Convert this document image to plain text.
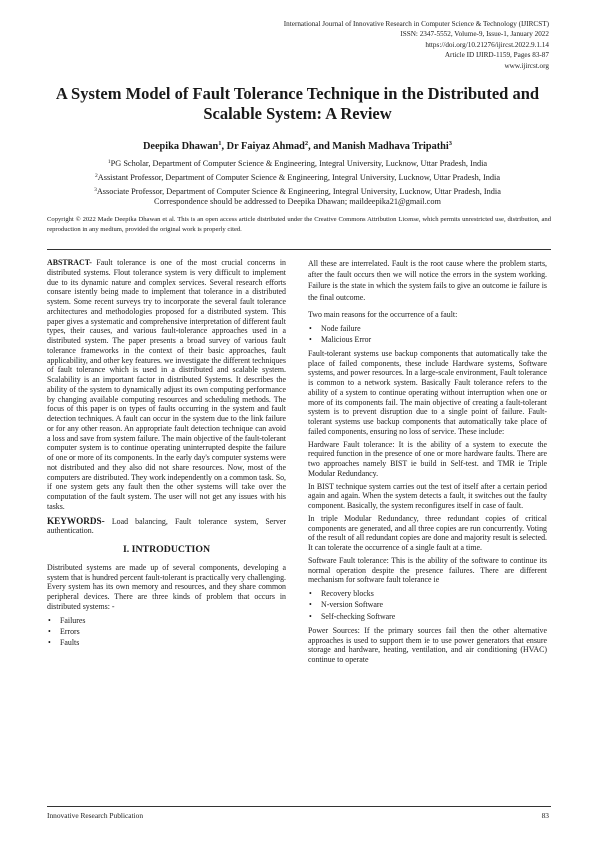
International Journal of Innovative Research in Computer Science & Technology (IJIRCST)
ISSN: 2347-5552, Volume-9, Issue-1, January 2022
https://doi.org/10.21276/ijircst.2022.9.1.14
Article ID IJIRD-1159, Pages 83-87
www.ijircst.org
A System Model of Fault Tolerance Technique in the Distributed and Scalable System: A Review
Deepika Dhawan$^1$, Dr Faiyaz Ahmad$^2$, and Manish Madhava Tripathi$^3$
$^1$PG Scholar, Department of Computer Science & Engineering, Integral University, Lucknow, Uttar Pradesh, India
$^2$Assistant Professor, Department of Computer Science & Engineering, Integral University, Lucknow, Uttar Pradesh, India
$^3$Associate Professor, Department of Computer Science & Engineering, Integral University, Lucknow, Uttar Pradesh, India
Correspondence should be addressed to Deepika Dhawan; maildeepika21@gmail.com
Copyright © 2022 Made Deepika Dhawan et al. This is an open access article distributed under the Creative Commons Attribution License, which permits unrestricted use, distribution, and reproduction in any medium, provided the original work is properly cited.

ABSTRACT- Fault tolerance is one of the most crucial concerns in distributed systems. Flout tolerance system is very difficult to implement due to its dynamic nature and complex services. Several research efforts consare istently being made to implement that tolerance in a distributed system. Some recent surveys try to incorporate the several fault tolerance architectures and methodologies proposed for a distributed system. This paper gives a systematic and comprehensive interpretation of different fault types, their causes, and various fault-tolerance approaches used in a distributed system. The paper presents a broad survey of various fault tolerance frameworks in the context of their basic approaches, fault applicability, and other key features. we investigate the different techniques of fault tolerance which is used in a distributed and scalable system. Scalability is an important factor in distributed Systems. It describes the ability of the system to dynamically adjust its own computing performance by changing available computing resources and scheduling methods. The focus of this paper is on types of faults occurring in the system and fault detection techniques. A fault can occur in the system due to the link failure or for any other reason. An appropriate fault detection technique can avoid a loss and save from system failure. The main objective of the fault-tolerant computer system is to continue operating uninterrupted despite the failure of one or more of its components. In the early day's computer systems were not distributed and they also did not share resources. Now, most of the computers are distributed. They work independently on a common task. So, if one system gets any fault then the other systems will take over the computation of the fault system. The user will not get any issues with his tasks.

KEYWORDS- Load balancing, Fault tolerance system, Server authentication.

I. INTRODUCTION

Distributed systems are made up of several components, developing a system that is hundred percent fault-tolerant is practically very challenging. Every system has its own memory and resources, and they share common peripheral devices. There are three kinds of problem that occurs in distributed systems: -

• Failures
• Errors
• Faults

All these are interrelated. Fault is the root cause where the problem starts, after the fault occurs then we will notice the errors in the system working. Failure is the state in which the system fails to give an outcome ie failure is the final outcome.

Two main reasons for the occurrence of a fault:

• Node failure
• Malicious Error

Fault-tolerant systems use backup components that automatically take the place of failed components, these include Hardware systems, Software systems, and power resources. In a large-scale environment, Fault tolerance is common to a network system. Basically Fault tolerance refers to the ability of a system to continue operating without interruption when one or more of its components fail. The main objective of creating a fault-tolerant system is to prevent disruption due to a single point of failure. Fault-tolerant systems use backup components that automatically take place of failed components, ensuring no loss of service. These include:

Hardware Fault tolerance: It is the ability of a system to execute the required function in the presence of one or more hardware faults. There are two approaches namely BIST ie build in Self-test. and TMR ie Triple Modular Redundancy.

In BIST technique system carries out the test of itself after a certain period again and again. When the system detects a fault, it switches out the faulty component. Basically, the system reconfigures itself in case of fault.

In triple Modular Redundancy, three redundant copies of critical components are generated, and all three copies are run concurrently. Voting of the result of all redundant copies are done and majority result is selected. It can tolerate the occurrence of a single fault at a time.

Software Fault tolerance: This is the ability of the software to continue its normal operation despite the presence failures. There are different mechanism for software fault tolerance ie

• Recovery blocks
• N-version Software
• Self-checking Software

Power Sources: If the primary sources fail then the other alternative approaches is used to support them ie to use power generators that ensure storage and hardware, heating, ventilation, and air conditioning (HVAC) continue to operate

Innovative Research Publication	83
